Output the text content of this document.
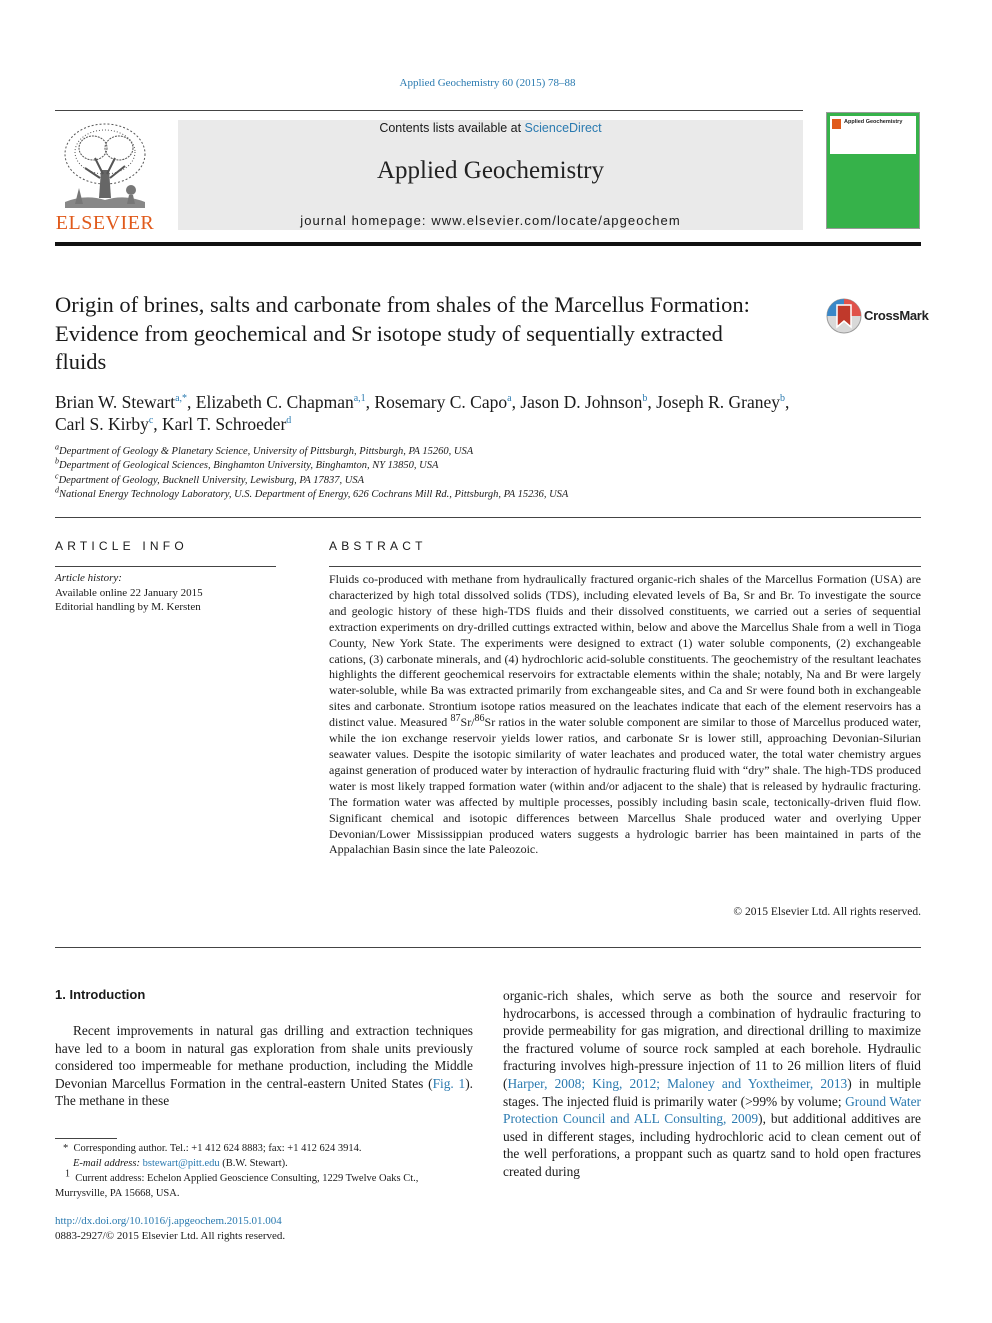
Applied Geochemistry 60 (2015) 78–88
ELSEVIER
Contents lists available at ScienceDirect
Applied Geochemistry
journal homepage: www.elsevier.com/locate/apgeochem
Applied Geochemistry
Origin of brines, salts and carbonate from shales of the Marcellus Formation: Evidence from geochemical and Sr isotope study of sequentially extracted fluids
CrossMark
Brian W. Stewart$^{a,*}$, Elizabeth C. Chapman$^{a,1}$, Rosemary C. Capo$^a$, Jason D. Johnson$^b$, Joseph R. Graney$^b$,
Carl S. Kirby$^c$, Karl T. Schroeder$^d$
$^a$Department of Geology & Planetary Science, University of Pittsburgh, Pittsburgh, PA 15260, USA
$^b$Department of Geological Sciences, Binghamton University, Binghamton, NY 13850, USA
$^c$Department of Geology, Bucknell University, Lewisburg, PA 17837, USA
$^d$National Energy Technology Laboratory, U.S. Department of Energy, 626 Cochrans Mill Rd., Pittsburgh, PA 15236, USA
ARTICLE INFO
Article history:
Available online 22 January 2015
Editorial handling by M. Kersten
ABSTRACT
Fluids co-produced with methane from hydraulically fractured organic-rich shales of the Marcellus Formation (USA) are characterized by high total dissolved solids (TDS), including elevated levels of Ba, Sr and Br. To investigate the source and geologic history of these high-TDS fluids and their dissolved constituents, we carried out a series of sequential extraction experiments on dry-drilled cuttings extracted within, below and above the Marcellus Shale from a well in Tioga County, New York State. The experiments were designed to extract (1) water soluble components, (2) exchangeable cations, (3) carbonate minerals, and (4) hydrochloric acid-soluble constituents. The geochemistry of the resultant leachates highlights the different geochemical reservoirs for extractable elements within the shale; notably, Na and Br were largely water-soluble, while Ba was extracted primarily from exchangeable sites, and Ca and Sr were found both in exchangeable sites and carbonate. Strontium isotope ratios measured on the leachates indicate that each of the element reservoirs has a distinct value. Measured $^{87}$Sr/$^{86}$Sr ratios in the water soluble component are similar to those of Marcellus produced water, while the ion exchange reservoir yields lower ratios, and carbonate Sr is lower still, approaching Devonian-Silurian seawater values. Despite the isotopic similarity of water leachates and produced water, the total water chemistry argues against generation of produced water by interaction of hydraulic fracturing fluid with “dry” shale. The high-TDS produced water is most likely trapped formation water (within and/or adjacent to the shale) that is released by hydraulic fracturing. The formation water was affected by multiple processes, possibly including basin scale, tectonically-driven fluid flow. Significant chemical and isotopic differences between Marcellus Shale produced water and overlying Upper Devonian/Lower Mississippian produced waters suggests a hydrologic barrier has been maintained in parts of the Appalachian Basin since the late Paleozoic.
© 2015 Elsevier Ltd. All rights reserved.
1. Introduction
Recent improvements in natural gas drilling and extraction techniques have led to a boom in natural gas exploration from shale units previously considered too impermeable for methane production, including the Middle Devonian Marcellus Formation in the central-eastern United States (Fig. 1). The methane in these
organic-rich shales, which serve as both the source and reservoir for hydrocarbons, is accessed through a combination of hydraulic fracturing to provide permeability for gas migration, and directional drilling to maximize the fractured volume of source rock sampled at each borehole. Hydraulic fracturing involves high-pressure injection of 11 to 26 million liters of fluid (Harper, 2008; King, 2012; Maloney and Yoxtheimer, 2013) in multiple stages. The injected fluid is primarily water (>99% by volume; Ground Water Protection Council and ALL Consulting, 2009), but additional additives are used in different stages, including hydrochloric acid to clean cement out of the well perforations, a proppant such as quartz sand to hold open fractures created during
* Corresponding author. Tel.: +1 412 624 8883; fax: +1 412 624 3914.
E-mail address: bstewart@pitt.edu (B.W. Stewart).
$^1$ Current address: Echelon Applied Geoscience Consulting, 1229 Twelve Oaks Ct., Murrysville, PA 15668, USA.
http://dx.doi.org/10.1016/j.apgeochem.2015.01.004
0883-2927/© 2015 Elsevier Ltd. All rights reserved.
